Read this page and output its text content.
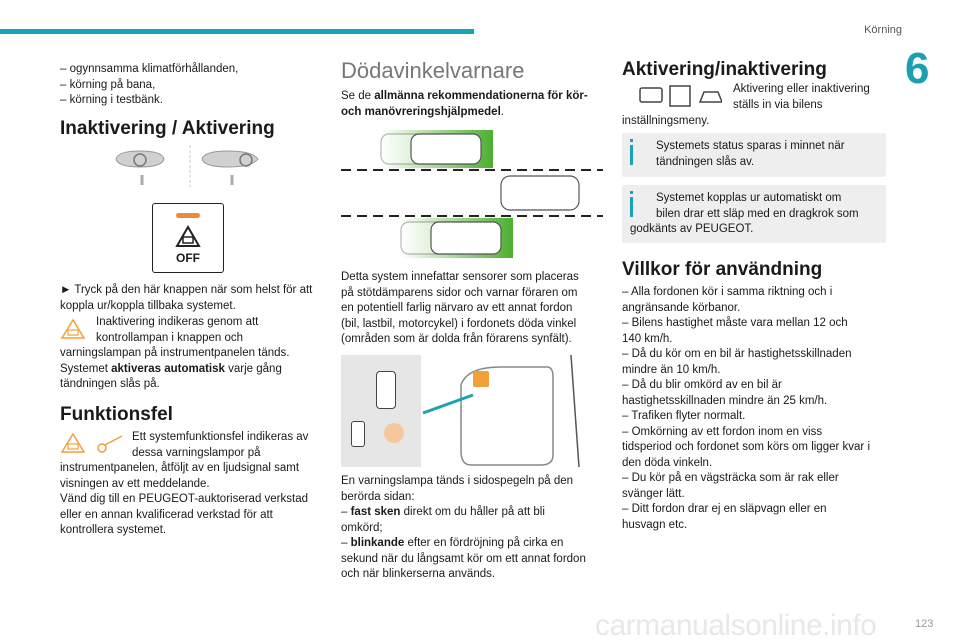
Körning
6

– ogynnsamma klimatförhållanden,

– körning på bana,

– körning i testbänk.

Inaktivering / Aktivering
OFF

► Tryck på den här knappen när som helst för att koppla ur/koppla tillbaka systemet.

Inaktivering indikeras genom att

kontrollampan i knappen och

varningslampan på instrumentpanelen tänds.

Systemet aktiveras automatisk varje gång

tändningen slås på.

Funktionsfel

Ett systemfunktionsfel indikeras av

dessa varningslampor på

instrumentpanelen, åtföljt av en ljudsignal samt

visningen av ett meddelande.

Vänd dig till en PEUGEOT-auktoriserad verkstad

eller en annan kvalificerad verkstad för att

kontrollera systemet.

Dödavinkelvarnare

Se de allmänna rekommendationerna för kör-

och manövreringshjälpmedel.

Detta system innefattar sensorer som placeras

på stötdämparens sidor och varnar föraren om

en potentiell farlig närvaro av ett annat fordon

(bil, lastbil, motorcykel) i fordonets döda vinkel

(områden som är dolda från förarens synfält).

En varningslampa tänds i sidospegeln på den

berörda sidan:

– fast sken direkt om du håller på att bli

omkörd;

– blinkande efter en fördröjning på cirka en

sekund när du långsamt kör om ett annat fordon

och när blinkerserna används.

Aktivering/inaktivering

Aktivering eller inaktivering

ställs in via bilens

inställningsmeny.

Systemets status sparas i minnet när

tändningen slås av.

Systemet kopplas ur automatiskt om

bilen drar ett släp med en dragkrok som

godkänts av PEUGEOT.

Villkor för användning

– Alla fordonen kör i samma riktning och i

angränsande körbanor.

– Bilens hastighet måste vara mellan 12 och

140 km/h.

– Då du kör om en bil är hastighetsskillnaden

mindre än 10 km/h.

– Då du blir omkörd av en bil är

hastighetsskillnaden mindre än 25 km/h.

– Trafiken flyter normalt.

– Omkörning av ett fordon inom en viss

tidsperiod och fordonet som körs om ligger kvar i

den döda vinkeln.

– Du kör på en vägsträcka som är rak eller

svänger lätt.

– Ditt fordon drar ej en släpvagn eller en

husvagn etc.

carmanualsonline.info	123
